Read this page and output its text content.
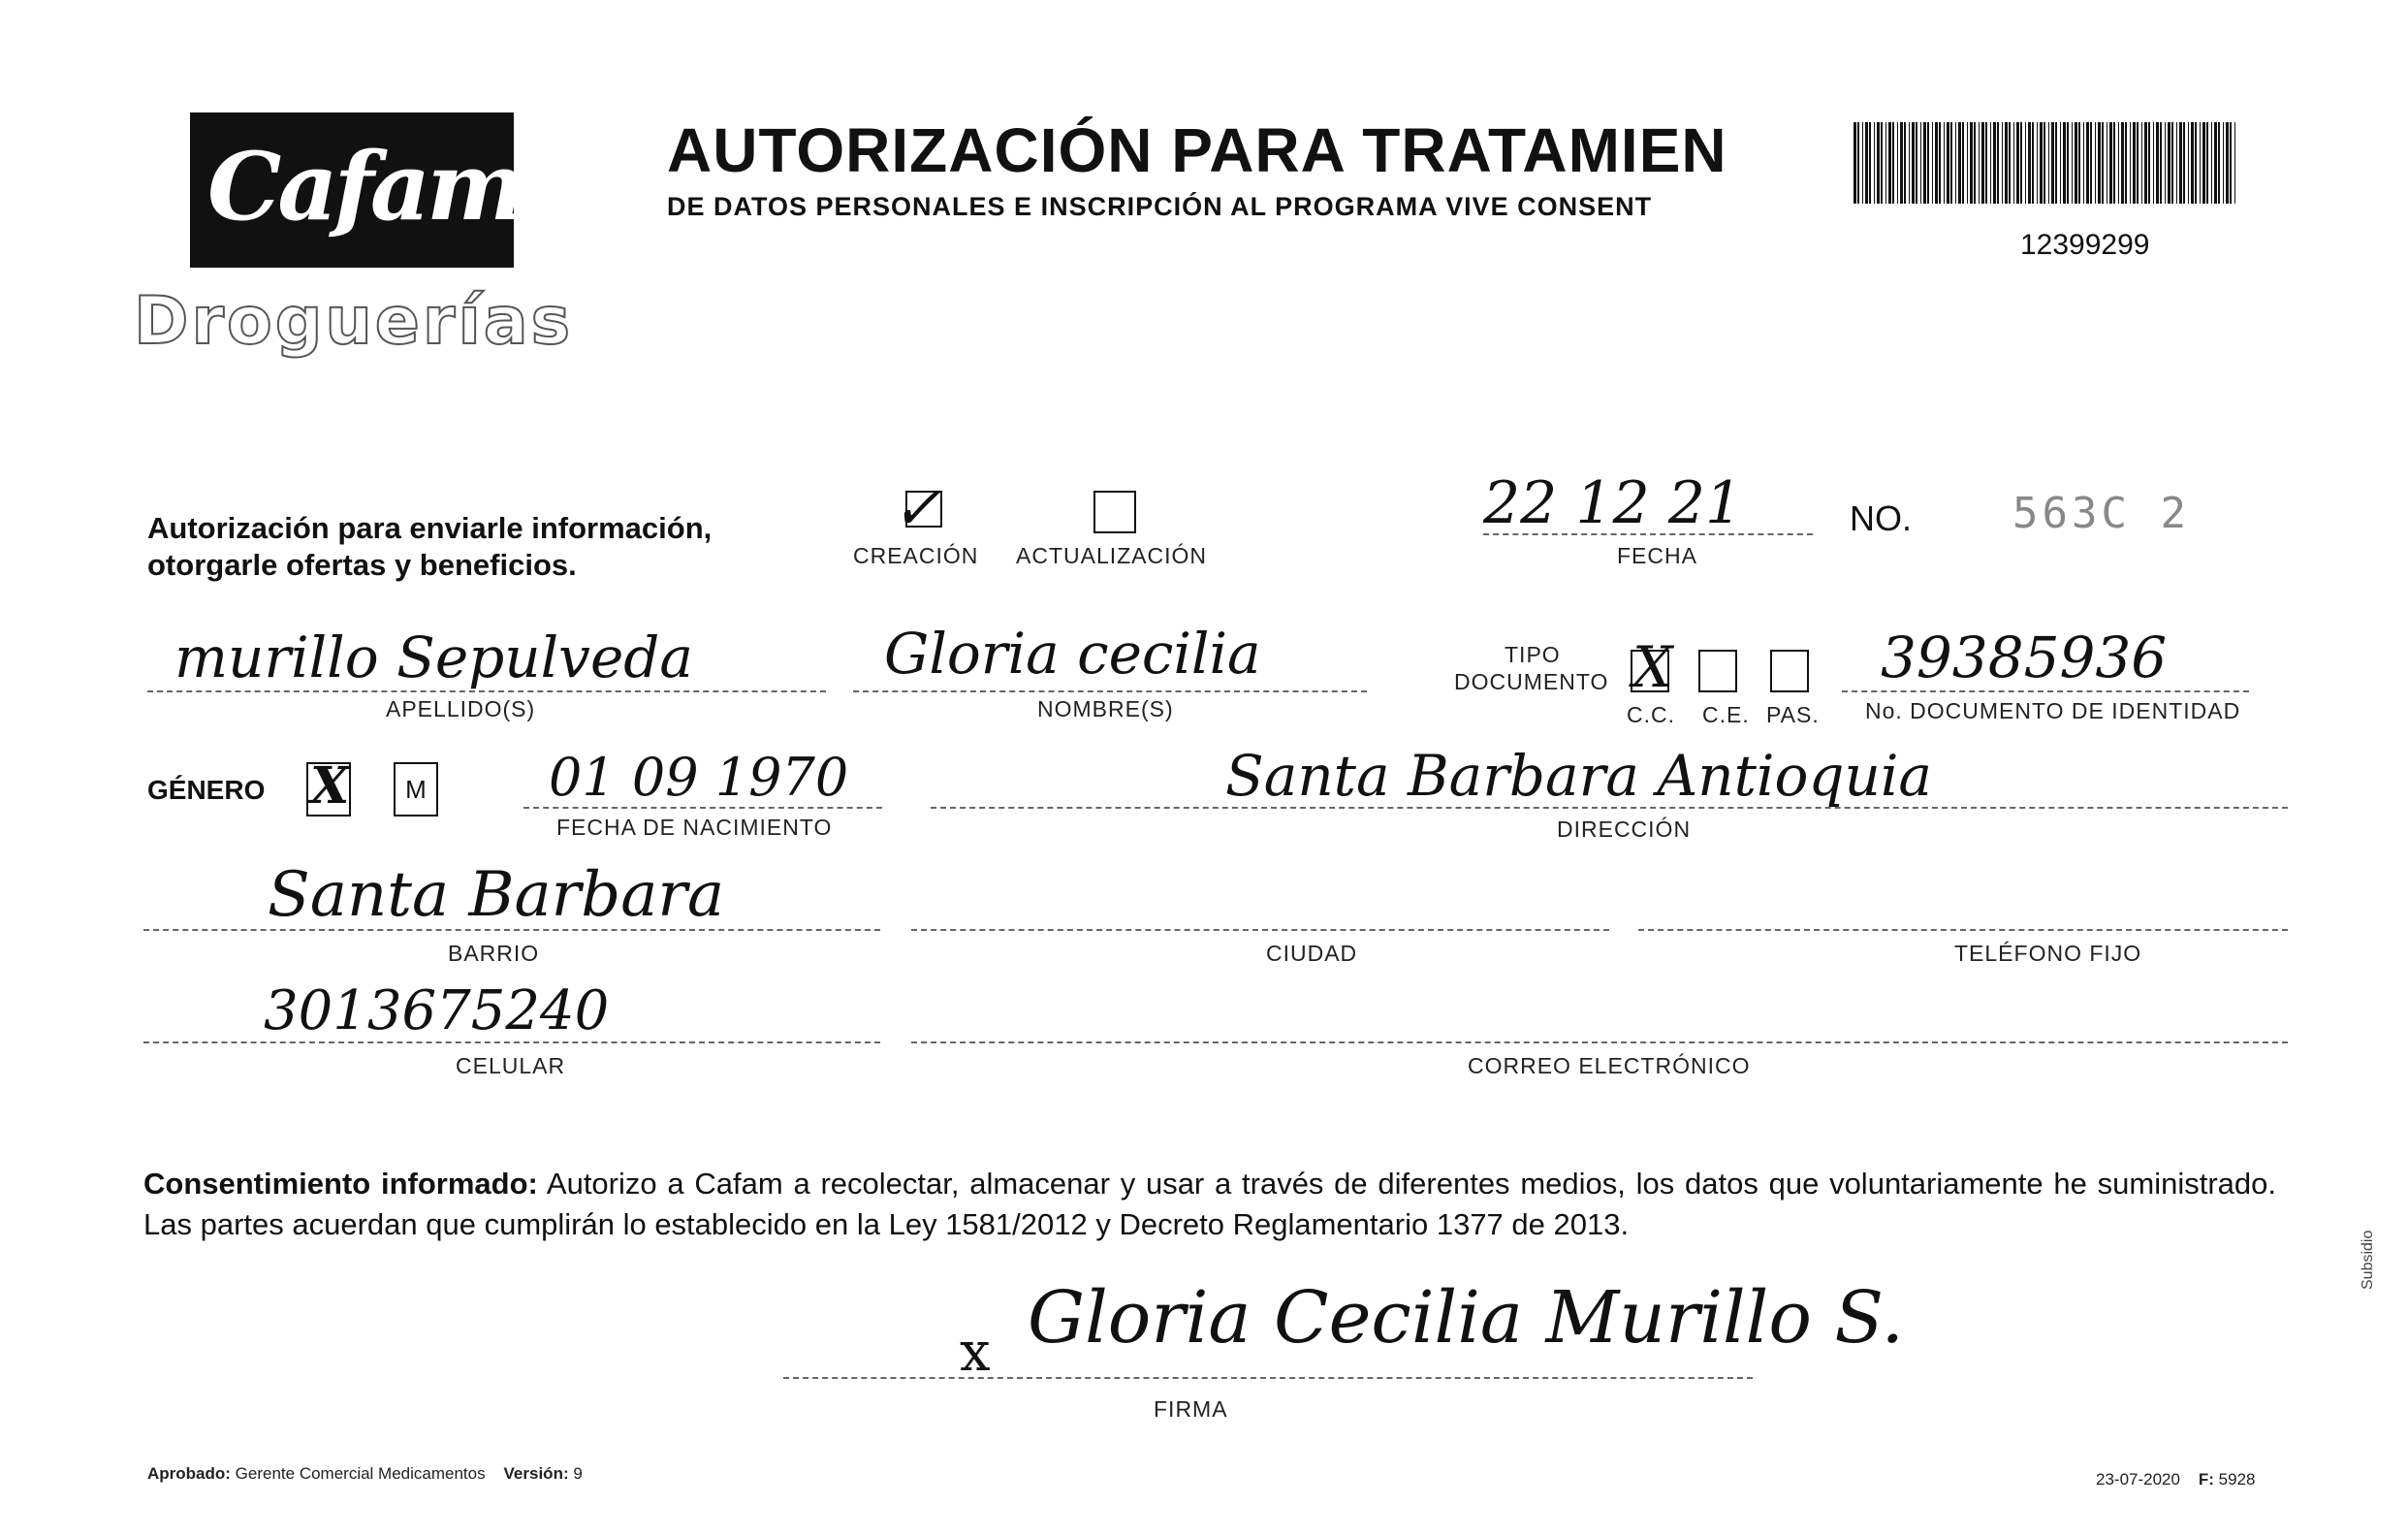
Cafam
Droguerías
AUTORIZACIÓN PARA TRATAMIEN
DE DATOS PERSONALES E INSCRIPCIÓN AL PROGRAMA VIVE CONSENT
12399299
Autorización para enviarle información,
otorgarle ofertas y beneficios.
✓
CREACIÓN ACTUALIZACIÓN
22 12 21
FECHA
NO. 563C 2
murillo Sepulveda
APELLIDO(S)
Gloria cecilia
NOMBRE(S)
TIPO
DOCUMENTO X
C.C. C.E. PAS.
39385936
No. DOCUMENTO DE IDENTIDAD
GÉNERO X	M 01 09 1970
FECHA DE NACIMIENTO
Santa Barbara Antioquia
DIRECCIÓN
Santa Barbara
BARRIO	CIUDAD	TELÉFONO FIJO
3013675240
CELULAR	CORREO ELECTRÓNICO
Consentimiento informado: Autorizo a Cafam a recolectar, almacenar y usar a través de diferentes medios, los datos que voluntariamente he suministrado. Las partes acuerdan que cumplirán lo establecido en la Ley 1581/2012 y Decreto Reglamentario 1377 de 2013.
x Gloria Cecilia Murillo S.
FIRMA
Aprobado: Gerente Comercial Medicamentos Versión: 9	23-07-2020 F: 5928
Subsidio
